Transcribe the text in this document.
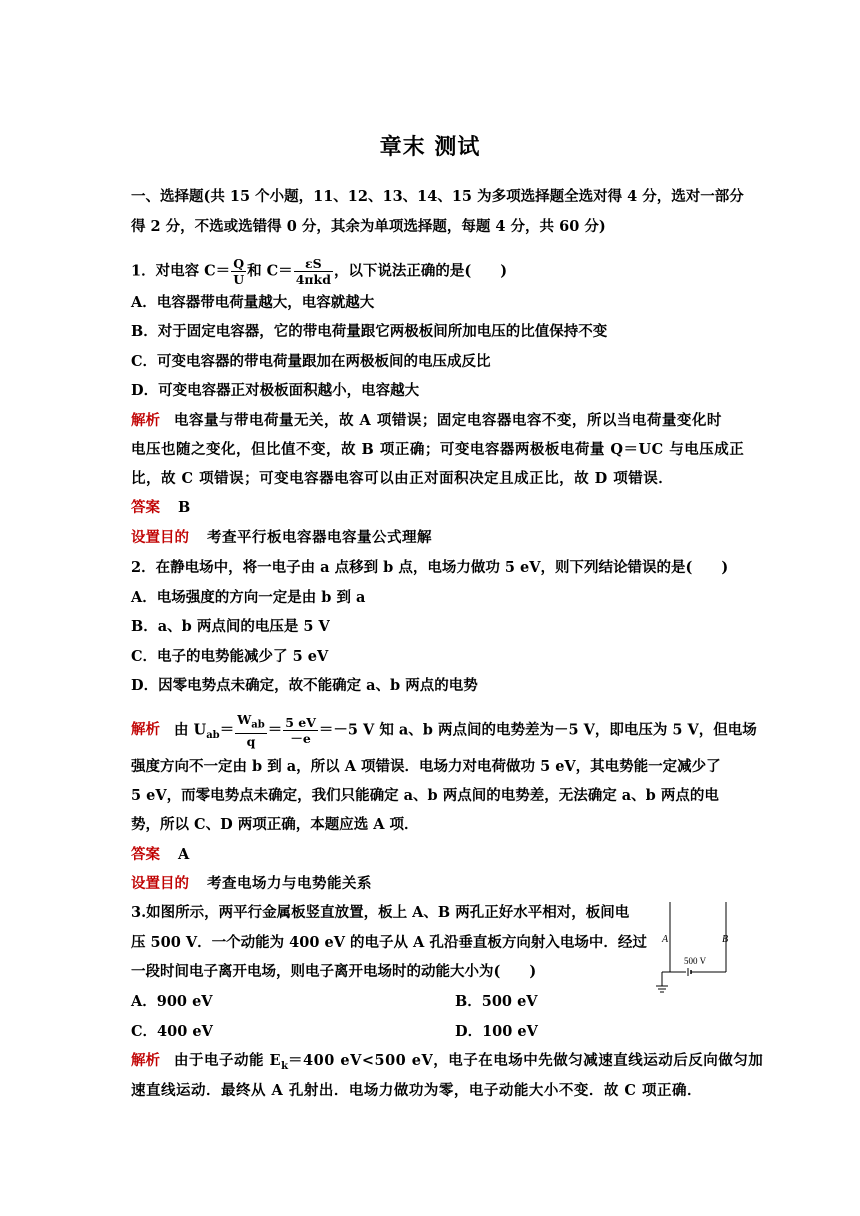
章末 测试
一、选择题(共 15 个小题，11、12、13、14、15 为多项选择题全选对得 4 分，选对一部分
得 2 分，不选或选错得 0 分，其余为单项选择题，每题 4 分，共 60 分)
1．对电容 $C= \frac{Q}{U}$ 和 $C= \frac{\varepsilon S}{\text{4πkd}}$ ，以下说法正确的是(　　)
A．电容器带电荷量越大，电容就越大
B．对于固定电容器，它的带电荷量跟它两极板间所加电压的比值保持不变
C．可变电容器的带电荷量跟加在两极板间的电压成反比
D．可变电容器正对极板面积越小，电容越大
解析 电容量与带电荷量无关，故 A 项错误；固定电容器电容不变，所以当电荷量变化时
电压也随之变化，但比值不变，故 B 项正确；可变电容器两极板电荷量 Q＝UC 与电压成正
比，故 C 项错误；可变电容器电容可以由正对面积决定且成正比，故 D 项错误．
答案 B
设置目的 考查平行板电容器电容量公式理解
2．在静电场中，将一电子由 a 点移到 b 点，电场力做功 5 eV，则下列结论错误的是(　　)
A．电场强度的方向一定是由 b 到 a
B．a、b 两点间的电压是 5 V
C．电子的电势能减少了 5 eV
D．因零电势点未确定，故不能确定 a、b 两点的电势
解析 由 $U_{ab}= \frac{W_{ab}}{q} = \frac{5 eV}{-e} =-5$ V 知 a、b 两点间的电势差为－5 V，即电压为 5 V，但电场
强度方向不一定由 b 到 a，所以 A 项错误．电场力对电荷做功 5 eV，其电势能一定减少了
5 eV，而零电势点未确定，我们只能确定 a、b 两点间的电势差，无法确定 a、b 两点的电
势，所以 C、D 两项正确，本题应选 A 项．
答案 A
设置目的 考查电场力与电势能关系
3.如图所示，两平行金属板竖直放置，板上 A、B 两孔正好水平相对，板间电
压 500 V．一个动能为 400 eV 的电子从 A 孔沿垂直板方向射入电场中．经过
一段时间电子离开电场，则电子离开电场时的动能大小为(　　)
A	B
500 V
A．900 eV	B．500 eV
C．400 eV	D．100 eV
解析 由于电子动能 $E_k=400$ eV<500 eV，电子在电场中先做匀减速直线运动后反向做匀加
速直线运动．最终从 A 孔射出．电场力做功为零，电子动能大小不变．故 C 项正确．
